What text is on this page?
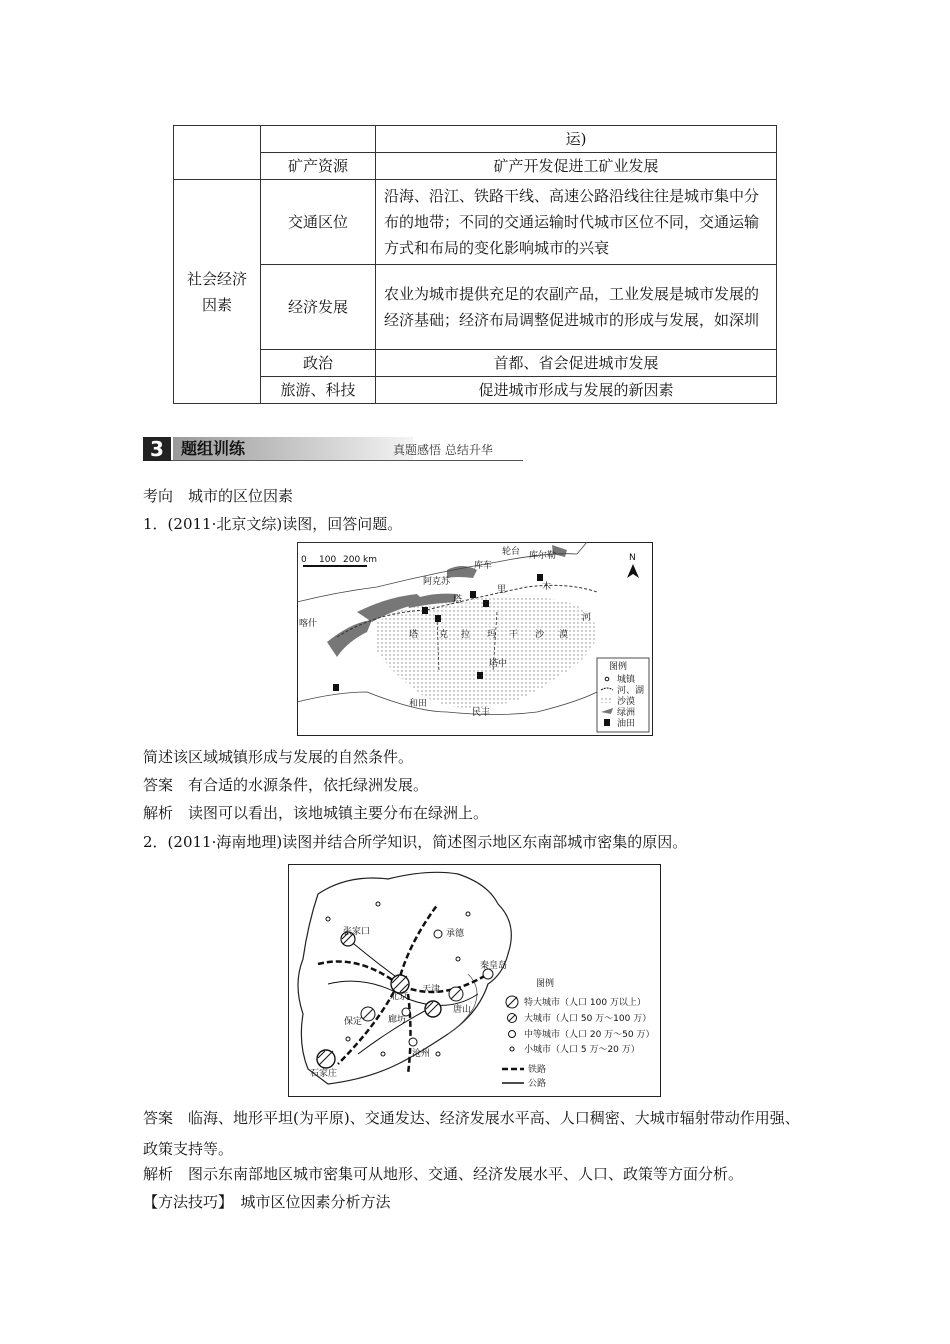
		运)
	矿产资源	矿产开发促进工矿业发展
社会经济因素	交通区位	沿海、沿江、铁路干线、高速公路沿线往往是城市集中分布的地带；不同的交通运输时代城市区位不同，交通运输方式和布局的变化影响城市的兴衰
	经济发展	农业为城市提供充足的农副产品，工业发展是城市发展的经济基础；经济布局调整促进城市的形成与发展，如深圳
	政治	首都、省会促进城市发展
	旅游、科技	促进城市形成与发展的新因素
3	题组训练	真题感悟 总结升华
考向　城市的区位因素
1．(2011·北京文综)读图，回答问题。
0 100 200 km	N
阿克苏
库车
轮台 库尔勒
喀什
和田
民丰
塔中
塔 克 拉 玛 干 沙 漠
塔
里	木
河
图例
城镇
河、湖
沙漠
绿洲
油田
简述该区域城镇形成与发展的自然条件。
答案　有合适的水源条件，依托绿洲发展。
解析　读图可以看出，该地城镇主要分布在绿洲上。
2．(2011·海南地理)读图并结合所学知识，简述图示地区东南部城市密集的原因。
张家口	承德
秦皇岛
北京
天津
廊坊
唐山
保定
沧州
石家庄
图例
特大城市（人口 100 万以上）
大城市（人口 50 万～100 万）
中等城市（人口 20 万～50 万）
小城市（人口 5 万～20 万）
铁路
公路
答案　临海、地形平坦(为平原)、交通发达、经济发展水平高、人口稠密、大城市辐射带动作用强、政策支持等。
解析　图示东南部地区城市密集可从地形、交通、经济发展水平、人口、政策等方面分析。
【方法技巧】　城市区位因素分析方法
